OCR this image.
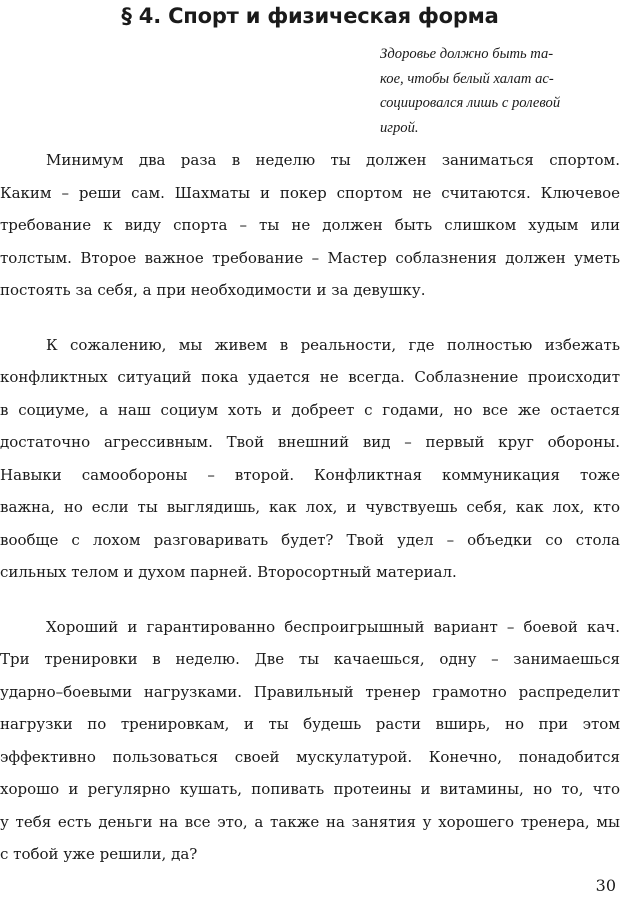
§ 4. Спорт и физическая форма
Здоровье должно быть та-
кое, чтобы белый халат ас-
социировался лишь с ролевой
игрой.
Минимум два раза в неделю ты должен заниматься спортом.
Каким – реши сам. Шахматы и покер спортом не считаются. Ключевое
требование к виду спорта – ты не должен быть слишком худым или
толстым. Второе важное требование – Мастер соблазнения должен уметь
постоять за себя, а при необходимости и за девушку.
К сожалению, мы живем в реальности, где полностью избежать
конфликтных ситуаций пока удается не всегда. Соблазнение происходит
в социуме, а наш социум хоть и добреет с годами, но все же остается
достаточно агрессивным. Твой внешний вид – первый круг обороны.
Навыки самообороны – второй. Конфликтная коммуникация тоже
важна, но если ты выглядишь, как лох, и чувствуешь себя, как лох, кто
вообще с лохом разговаривать будет? Твой удел – объедки со стола
сильных телом и духом парней. Второсортный материал.
Хороший и гарантированно беспроигрышный вариант – боевой кач.
Три тренировки в неделю. Две ты качаешься, одну – занимаешься
ударно–боевыми нагрузками. Правильный тренер грамотно распределит
нагрузки по тренировкам, и ты будешь расти вширь, но при этом
эффективно пользоваться своей мускулатурой. Конечно, понадобится
хорошо и регулярно кушать, попивать протеины и витамины, но то, что
у тебя есть деньги на все это, а также на занятия у хорошего тренера, мы
с тобой уже решили, да?
30
